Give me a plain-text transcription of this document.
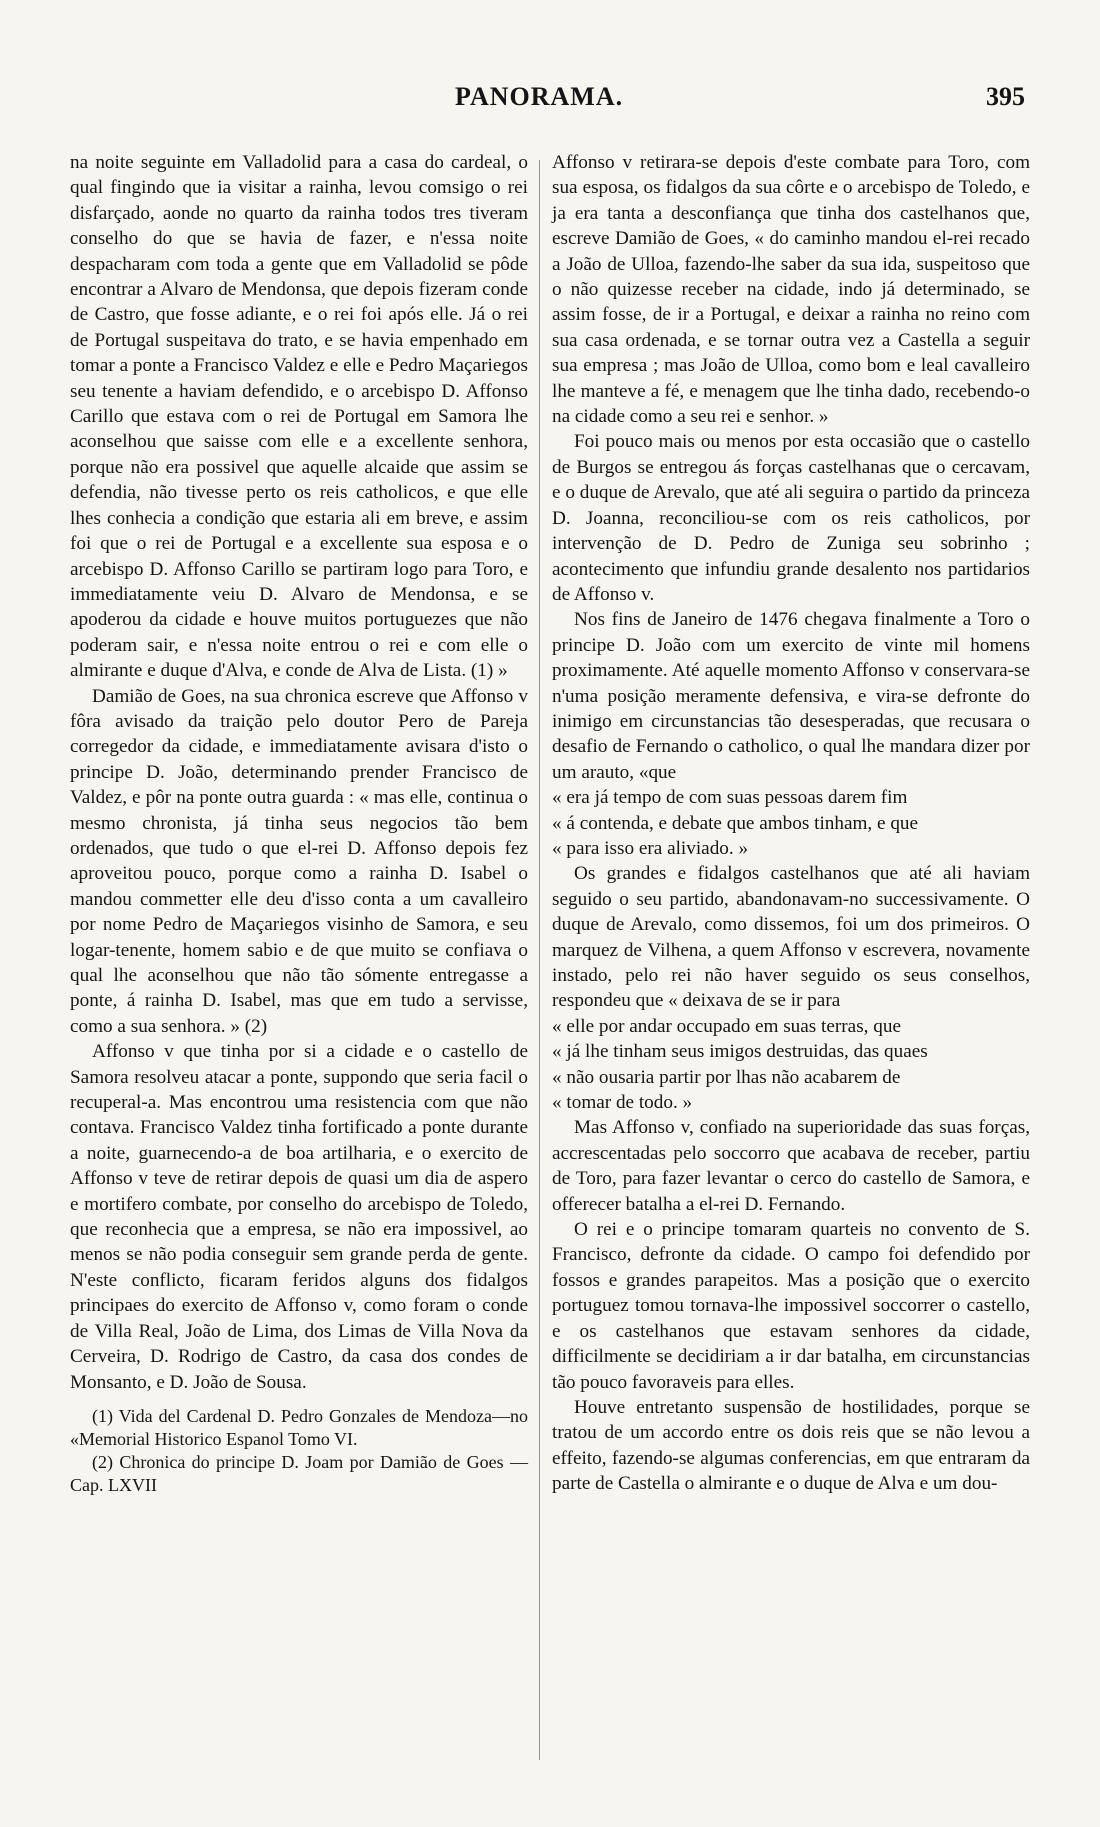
PANORAMA.	395

na noite seguinte em Valladolid para a casa do cardeal, o qual fingindo que ia visitar a rainha, levou comsigo o rei disfarçado, aonde no quarto da rainha todos tres tiveram conselho do que se havia de fazer, e n'essa noite despacharam com toda a gente que em Valladolid se pôde encontrar a Alvaro de Mendonsa, que depois fizeram conde de Castro, que fosse adiante, e o rei foi após elle. Já o rei de Portugal suspeitava do trato, e se havia empenhado em tomar a ponte a Francisco Valdez e elle e Pedro Maçariegos seu tenente a haviam defendido, e o arcebispo D. Affonso Carillo que estava com o rei de Portugal em Samora lhe aconselhou que saisse com elle e a excellente senhora, porque não era possivel que aquelle alcaide que assim se defendia, não tivesse perto os reis catholicos, e que elle lhes conhecia a condição que estaria ali em breve, e assim foi que o rei de Portugal e a excellente sua esposa e o arcebispo D. Affonso Carillo se partiram logo para Toro, e immediatamente veiu D. Alvaro de Mendonsa, e se apoderou da cidade e houve muitos portuguezes que não poderam sair, e n'essa noite entrou o rei e com elle o almirante e duque d'Alva, e conde de Alva de Lista. (1) »

Damião de Goes, na sua chronica escreve que Affonso v fôra avisado da traição pelo doutor Pero de Pareja corregedor da cidade, e immediatamente avisara d'isto o principe D. João, determinando prender Francisco de Valdez, e pôr na ponte outra guarda : « mas elle, continua o mesmo chronista, já tinha seus negocios tão bem ordenados, que tudo o que el-rei D. Affonso depois fez aproveitou pouco, porque como a rainha D. Isabel o mandou commetter elle deu d'isso conta a um cavalleiro por nome Pedro de Maçariegos visinho de Samora, e seu logar-tenente, homem sabio e de que muito se confiava o qual lhe aconselhou que não tão sómente entregasse a ponte, á rainha D. Isabel, mas que em tudo a servisse, como a sua senhora. » (2)

Affonso v que tinha por si a cidade e o castello de Samora resolveu atacar a ponte, suppondo que seria facil o recuperal-a. Mas encontrou uma resistencia com que não contava. Francisco Valdez tinha fortificado a ponte durante a noite, guarnecendo-a de boa artilharia, e o exercito de Affonso v teve de retirar depois de quasi um dia de aspero e mortifero combate, por conselho do arcebispo de Toledo, que reconhecia que a empresa, se não era impossivel, ao menos se não podia conseguir sem grande perda de gente. N'este conflicto, ficaram feridos alguns dos fidalgos principaes do exercito de Affonso v, como foram o conde de Villa Real, João de Lima, dos Limas de Villa Nova da Cerveira, D. Rodrigo de Castro, da casa dos condes de Monsanto, e D. João de Sousa.

(1) Vida del Cardenal D. Pedro Gonzales de Mendoza—no «Memorial Historico Espanol Tomo VI.

(2) Chronica do principe D. Joam por Damião de Goes — Cap. LXVII

Affonso v retirara-se depois d'este combate para Toro, com sua esposa, os fidalgos da sua côrte e o arcebispo de Toledo, e ja era tanta a desconfiança que tinha dos castelhanos que, escreve Damião de Goes, « do caminho mandou el-rei recado a João de Ulloa, fazendo-lhe saber da sua ida, suspeitoso que o não quizesse receber na cidade, indo já determinado, se assim fosse, de ir a Portugal, e deixar a rainha no reino com sua casa ordenada, e se tornar outra vez a Castella a seguir sua empresa ; mas João de Ulloa, como bom e leal cavalleiro lhe manteve a fé, e menagem que lhe tinha dado, recebendo-o na cidade como a seu rei e senhor. »

Foi pouco mais ou menos por esta occasião que o castello de Burgos se entregou ás forças castelhanas que o cercavam, e o duque de Arevalo, que até ali seguira o partido da princeza D. Joanna, reconciliou-se com os reis catholicos, por intervenção de D. Pedro de Zuniga seu sobrinho ; acontecimento que infundiu grande desalento nos partidarios de Affonso v.

Nos fins de Janeiro de 1476 chegava finalmente a Toro o principe D. João com um exercito de vinte mil homens proximamente. Até aquelle momento Affonso v conservara-se n'uma posição meramente defensiva, e vira-se defronte do inimigo em circunstancias tão desesperadas, que recusara o desafio de Fernando o catholico, o qual lhe mandara dizer por um arauto, «que

« era já tempo de com suas pessoas darem fim

« á contenda, e debate que ambos tinham, e que

« para isso era aliviado. »

Os grandes e fidalgos castelhanos que até ali haviam seguido o seu partido, abandonavam-no successivamente. O duque de Arevalo, como dissemos, foi um dos primeiros. O marquez de Vilhena, a quem Affonso v escrevera, novamente instado, pelo rei não haver seguido os seus conselhos, respondeu que « deixava de se ir para

« elle por andar occupado em suas terras, que

« já lhe tinham seus imigos destruidas, das quaes

« não ousaria partir por lhas não acabarem de

« tomar de todo. »

Mas Affonso v, confiado na superioridade das suas forças, accrescentadas pelo soccorro que acabava de receber, partiu de Toro, para fazer levantar o cerco do castello de Samora, e offerecer batalha a el-rei D. Fernando.

O rei e o principe tomaram quarteis no convento de S. Francisco, defronte da cidade. O campo foi defendido por fossos e grandes parapeitos. Mas a posição que o exercito portuguez tomou tornava-lhe impossivel soccorrer o castello, e os castelhanos que estavam senhores da cidade, difficilmente se decidiriam a ir dar batalha, em circunstancias tão pouco favoraveis para elles.

Houve entretanto suspensão de hostilidades, porque se tratou de um accordo entre os dois reis que se não levou a effeito, fazendo-se algumas conferencias, em que entraram da parte de Castella o almirante e o duque de Alva e um dou-
